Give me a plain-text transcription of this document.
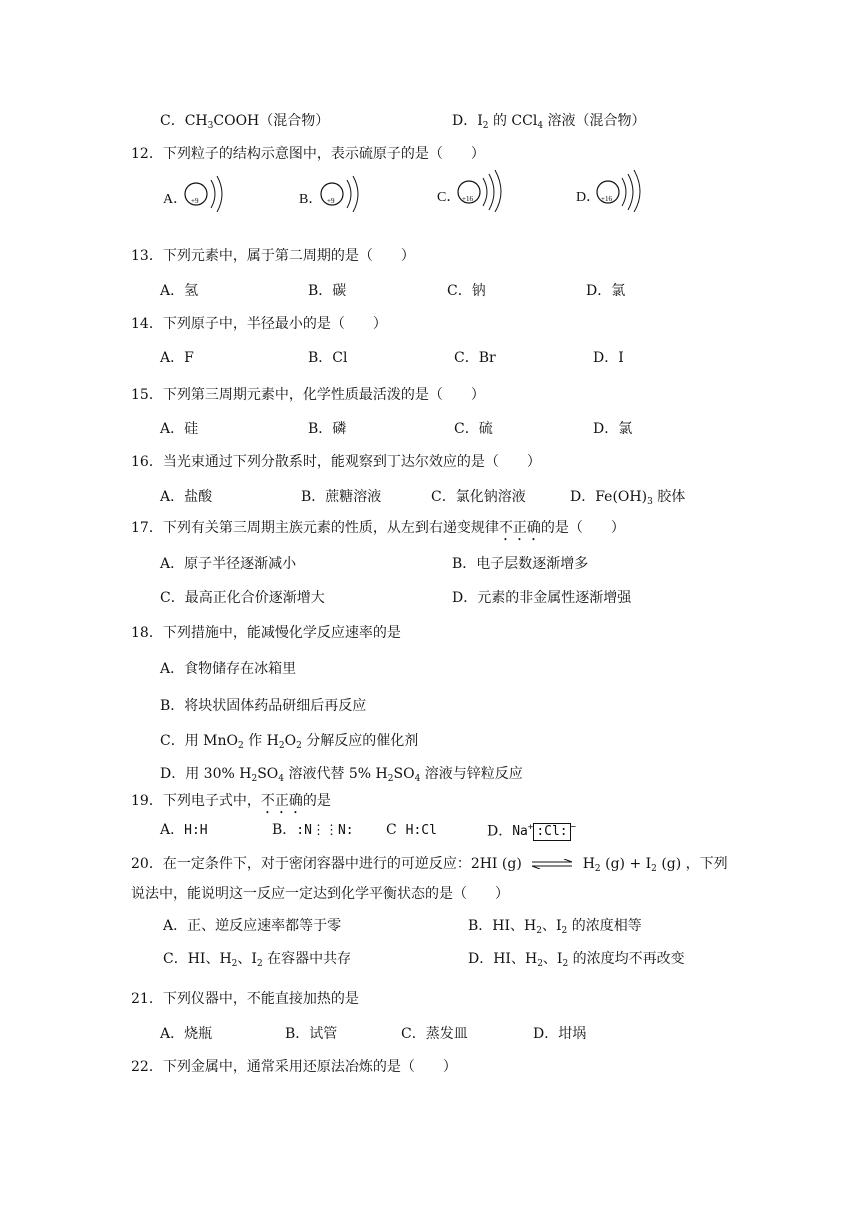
C．$CH_3COOH$（混合物）	D．$I_2$ 的 CCl$_4$ 溶液（混合物）
12．下列粒子的结构示意图中，表示硫原子的是（　　）
A． +9	B． +9	C． +16	D． +16
13．下列元素中，属于第二周期的是（　　）
A．氢	B．碳	C．钠	D．氯
14．下列原子中，半径最小的是（　　）
A．F	B．Cl	C．Br	D．I
15．下列第三周期元素中，化学性质最活泼的是（　　）
A．硅	B．磷	C．硫	D．氯
16．当光束通过下列分散系时，能观察到丁达尔效应的是（　　）
A．盐酸	B．蔗糖溶液	C．氯化钠溶液	D．$Fe(OH)_3$ 胶体
17．下列有关第三周期主族元素的性质，从左到右递变规律不正确的是（　　）
A．原子半径逐渐减小	B．电子层数逐渐增多
C．最高正化合价逐渐增大	D．元素的非金属性逐渐增强
18．下列措施中，能减慢化学反应速率的是
A．食物储存在冰箱里
B．将块状固体药品研细后再反应
C．用 MnO$_2$ 作 $H_2O_2$ 分解反应的催化剂
D．用 30% $H_2SO_4$ 溶液代替 5% $H_2SO_4$ 溶液与锌粒反应
19．下列电子式中，不正确的是
A．H:H	B．:N⋮⋮N: C H:Cl	D．Na+ :Cl: −
20．在一定条件下，对于密闭容器中进行的可逆反应：2HI (g) ⇌ $H_2$ $(g) + I_2$ (g) ，下列
说法中，能说明这一反应一定达到化学平衡状态的是（　　）
A．正、逆反应速率都等于零	B．HI、$H_2$、$I_2$ 的浓度相等
C．HI、$H_2$、$I_2$ 在容器中共存	D．HI、$H_2$、$I_2$ 的浓度均不再改变
21．下列仪器中，不能直接加热的是
A．烧瓶	B．试管	C．蒸发皿	D．坩埚
22．下列金属中，通常采用还原法冶炼的是（　　）
